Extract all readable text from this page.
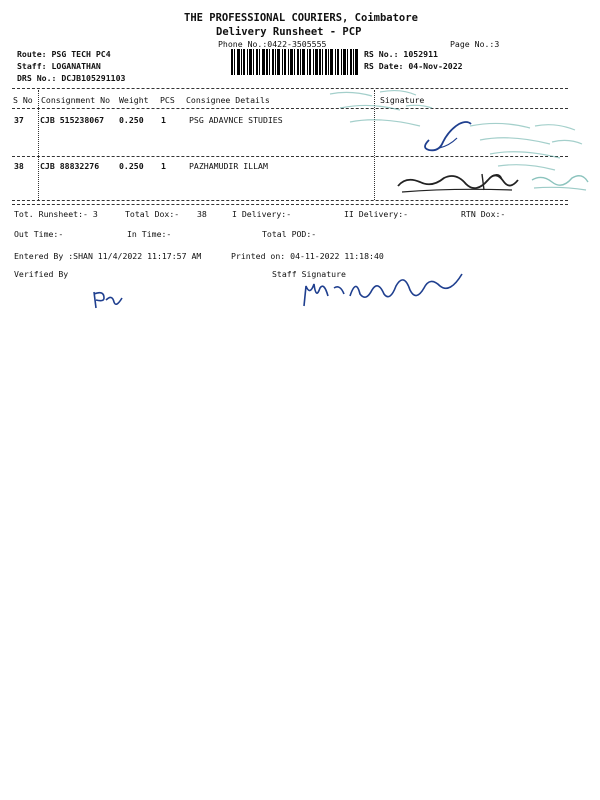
THE PROFESSIONAL COURIERS, Coimbatore
Delivery Runsheet - PCP
Phone No.:0422-3505555	Page No.:3
Route: PSG TECH PC4
Staff: LOGANATHAN
DRS No.: DCJB105291103
RS No.: 1052911
RS Date: 04-Nov-2022
S No Consignment No Weight PCS Consignee Details	Signature
37 CJB 515238067 0.250 1	PSG ADAVNCE STUDIES
38 CJB 88832276 0.250 1	PAZHAMUDIR ILLAM
Tot. Runsheet:- 3	Total Dox:- 38	I Delivery:-	II Delivery:-	RTN Dox:-
Out Time:-	In Time:-	Total POD:-
Entered By :SHAN 11/4/2022 11:17:57 AM	Printed on: 04-11-2022 11:18:40
Verified By	Staff Signature
